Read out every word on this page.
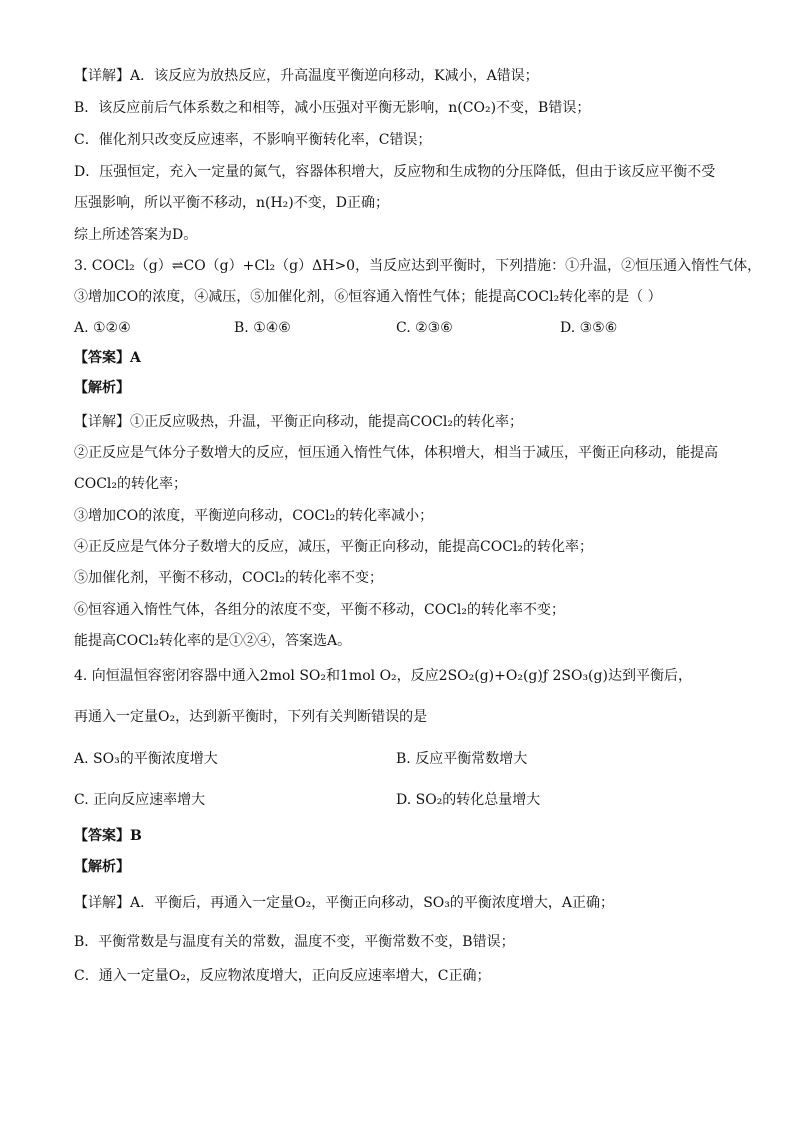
【详解】A．该反应为放热反应，升高温度平衡逆向移动，K减小，A错误；
B．该反应前后气体系数之和相等，减小压强对平衡无影响，n(CO₂)不变，B错误；
C．催化剂只改变反应速率，不影响平衡转化率，C错误；
D．压强恒定，充入一定量的氮气，容器体积增大，反应物和生成物的分压降低，但由于该反应平衡不受
压强影响，所以平衡不移动，n(H₂)不变，D正确；
综上所述答案为D。
3. COCl₂（g）⇌CO（g）+Cl₂（g）ΔH>0，当反应达到平衡时，下列措施：①升温，②恒压通入惰性气体，
③增加CO的浓度，④减压，⑤加催化剂，⑥恒容通入惰性气体；能提高COCl₂转化率的是（ ）
A. ①②④	B. ①④⑥	C. ②③⑥	D. ③⑤⑥
【答案】A
【解析】
【详解】①正反应吸热，升温，平衡正向移动，能提高COCl₂的转化率；
②正反应是气体分子数增大的反应，恒压通入惰性气体，体积增大，相当于减压，平衡正向移动，能提高
COCl₂的转化率；
③增加CO的浓度，平衡逆向移动，COCl₂的转化率减小；
④正反应是气体分子数增大的反应，减压，平衡正向移动，能提高COCl₂的转化率；
⑤加催化剂，平衡不移动，COCl₂的转化率不变；
⑥恒容通入惰性气体，各组分的浓度不变，平衡不移动，COCl₂的转化率不变；
能提高COCl₂转化率的是①②④，答案选A。
4. 向恒温恒容密闭容器中通入2mol SO₂和1mol O₂，反应2SO₂(g)+O₂(g)ƒ 2SO₃(g)达到平衡后，
再通入一定量O₂，达到新平衡时，下列有关判断错误的是
A. SO₃的平衡浓度增大	B. 反应平衡常数增大
C. 正向反应速率增大	D. SO₂的转化总量增大
【答案】B
【解析】
【详解】A．平衡后，再通入一定量O₂，平衡正向移动，SO₃的平衡浓度增大，A正确；
B．平衡常数是与温度有关的常数，温度不变，平衡常数不变，B错误；
C．通入一定量O₂，反应物浓度增大，正向反应速率增大，C正确；
